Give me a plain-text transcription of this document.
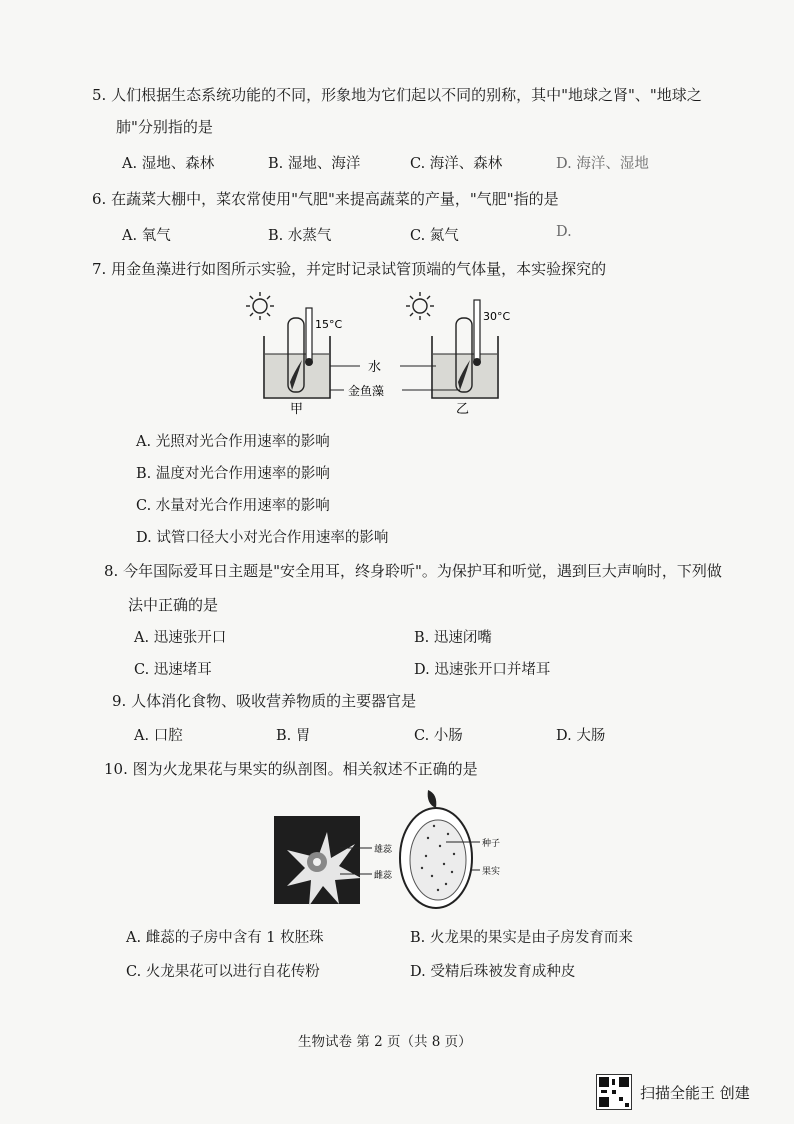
5. 人们根据生态系统功能的不同，形象地为它们起以不同的别称，其中"地球之肾"、"地球之
肺"分别指的是
A. 湿地、森林	B. 湿地、海洋	C. 海洋、森林	D. 海洋、湿地
6. 在蔬菜大棚中，菜农常使用"气肥"来提高蔬菜的产量，"气肥"指的是
A. 氧气	B. 水蒸气	C. 氮气	D.
7. 用金鱼藻进行如图所示实验，并定时记录试管顶端的气体量，本实验探究的
15°C
30°C
水
金鱼藻
甲	乙
A. 光照对光合作用速率的影响
B. 温度对光合作用速率的影响
C. 水量对光合作用速率的影响
D. 试管口径大小对光合作用速率的影响
8. 今年国际爱耳日主题是"安全用耳，终身聆听"。为保护耳和听觉，遇到巨大声响时，下列做
法中正确的是
A. 迅速张开口	B. 迅速闭嘴
C. 迅速堵耳	D. 迅速张开口并堵耳
9. 人体消化食物、吸收营养物质的主要器官是
A. 口腔	B. 胃	C. 小肠	D. 大肠
10. 图为火龙果花与果实的纵剖图。相关叙述不正确的是
雄蕊
雌蕊
种子
果实
A. 雌蕊的子房中含有 1 枚胚珠	B. 火龙果的果实是由子房发育而来
C. 火龙果花可以进行自花传粉	D. 受精后珠被发育成种皮
生物试卷 第 2 页（共 8 页）
扫描全能王 创建
